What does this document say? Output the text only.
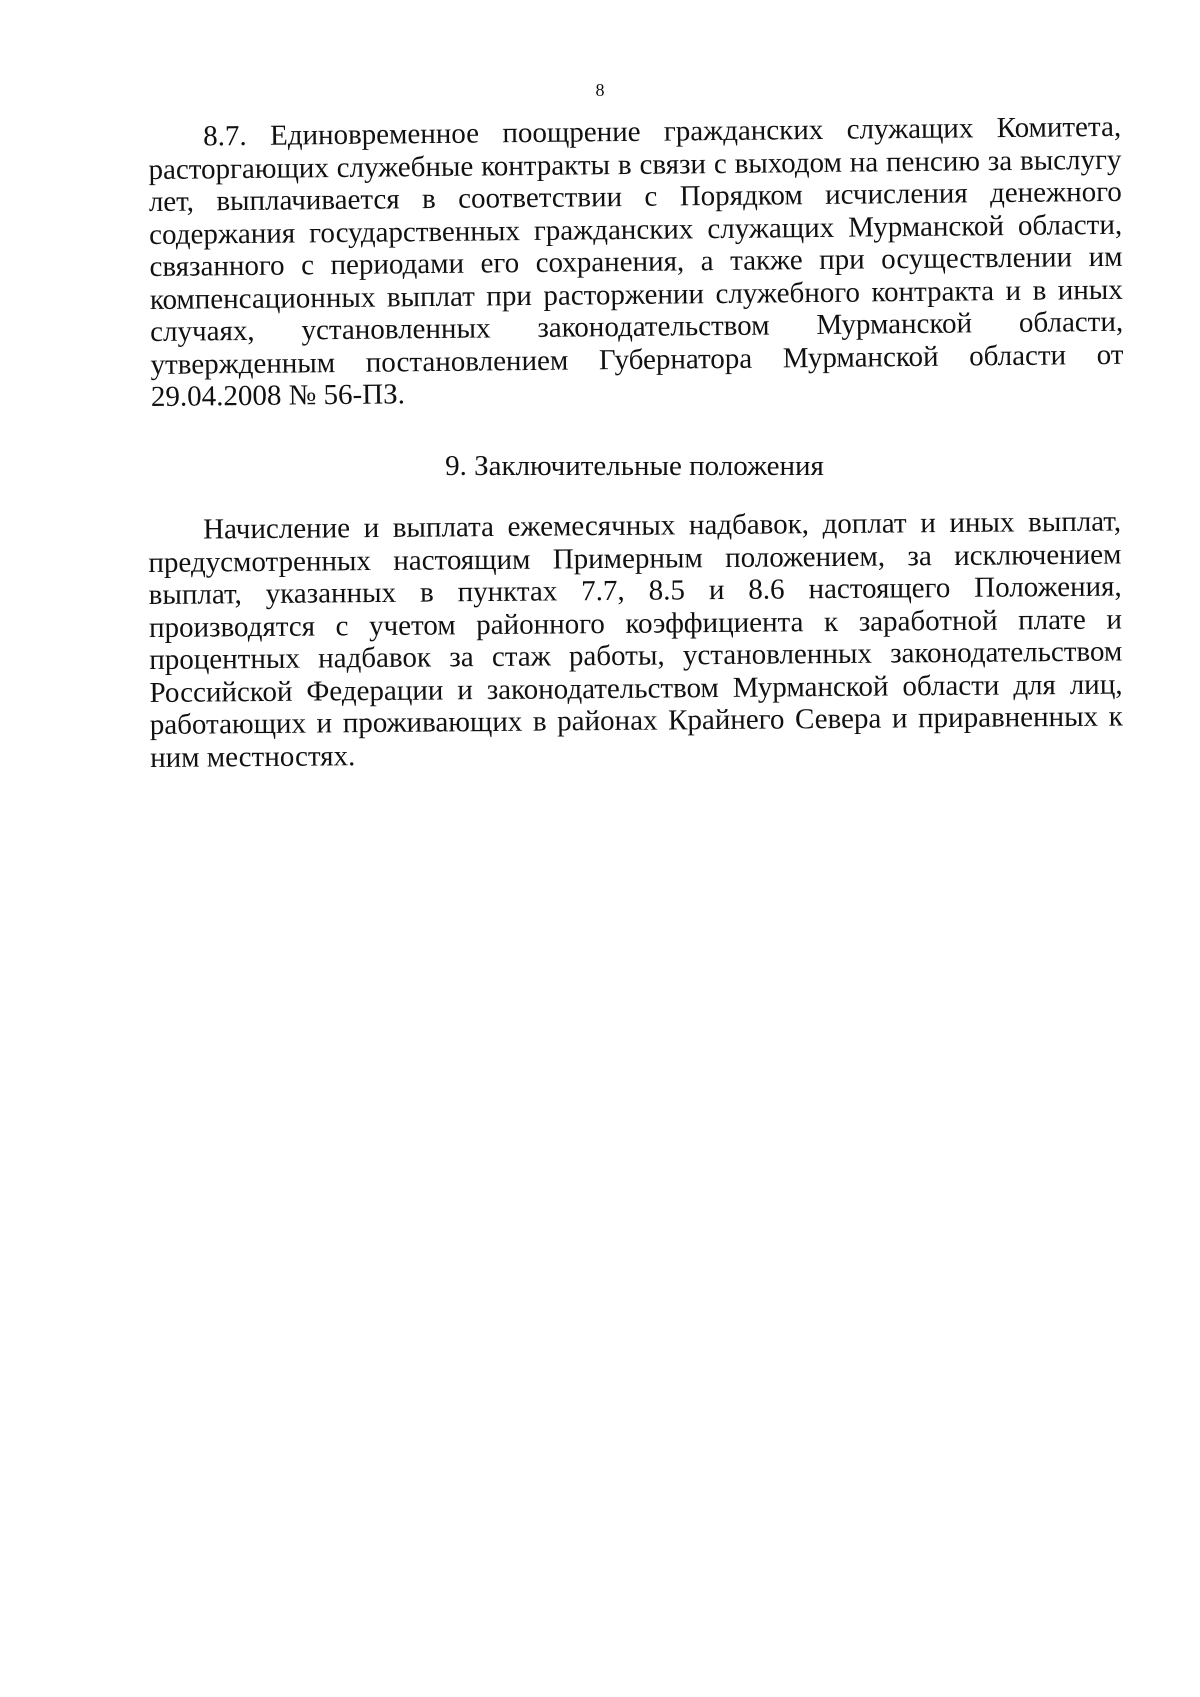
8

8.7. Единовременное поощрение гражданских служащих Комитета, расторгающих служебные контракты в связи с выходом на пенсию за выслугу лет, выплачивается в соответствии с Порядком исчисления денежного содержания государственных гражданских служащих Мурманской области, связанного с периодами его сохранения, а также при осуществлении им компенсационных выплат при расторжении служебного контракта и в иных случаях, установленных законодательством Мурманской области, утвержденным постановлением Губернатора Мурманской области от 29.04.2008 № 56-ПЗ.

9. Заключительные положения

Начисление и выплата ежемесячных надбавок, доплат и иных выплат, предусмотренных настоящим Примерным положением, за исключением выплат, указанных в пунктах 7.7, 8.5 и 8.6 настоящего Положения, производятся с учетом районного коэффициента к заработной плате и процентных надбавок за стаж работы, установленных законодательством Российской Федерации и законодательством Мурманской области для лиц, работающих и проживающих в районах Крайнего Севера и приравненных к ним местностях.
